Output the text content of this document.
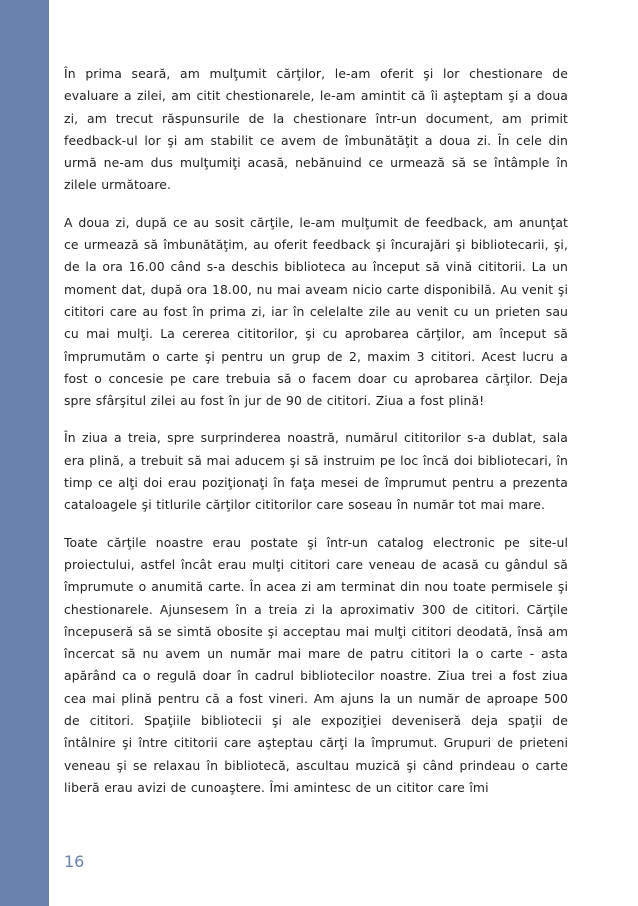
În prima seară, am mulţumit cărţilor, le-am oferit şi lor chestionare de evaluare a zilei, am citit chestionarele, le-am amintit că îi aşteptam şi a doua zi, am trecut răspunsurile de la chestionare într-un document, am primit feedback-ul lor şi am stabilit ce avem de îmbunătăţit a doua zi. În cele din urmă ne-am dus mulţumiţi acasă, nebănuind ce urmează să se întâmple în zilele următoare.

A doua zi, după ce au sosit cărţile, le-am mulţumit de feedback, am anunţat ce urmează să îmbunătăţim, au oferit feedback şi încurajări şi bibliotecarii, şi, de la ora 16.00 când s-a deschis biblioteca au început să vină cititorii. La un moment dat, după ora 18.00, nu mai aveam nicio carte disponibilă. Au venit şi cititori care au fost în prima zi, iar în celelalte zile au venit cu un prieten sau cu mai mulţi. La cererea cititorilor, şi cu aprobarea cărţilor, am început să împrumutăm o carte şi pentru un grup de 2, maxim 3 cititori. Acest lucru a fost o concesie pe care trebuia să o facem doar cu aprobarea cărţilor. Deja spre sfârşitul zilei au fost în jur de 90 de cititori. Ziua a fost plină!

În ziua a treia, spre surprinderea noastră, numărul cititorilor s-a dublat, sala era plină, a trebuit să mai aducem şi să instruim pe loc încă doi bibliotecari, în timp ce alţi doi erau poziţionaţi în faţa mesei de împrumut pentru a prezenta cataloagele şi titlurile cărţilor cititorilor care soseau în număr tot mai mare.

Toate cărţile noastre erau postate şi într-un catalog electronic pe site-ul proiectului, astfel încât erau mulţi cititori care veneau de acasă cu gândul să împrumute o anumită carte. În acea zi am terminat din nou toate permisele şi chestionarele. Ajunsesem în a treia zi la aproximativ 300 de cititori. Cărţile începuseră să se simtă obosite şi acceptau mai mulţi cititori deodată, însă am încercat să nu avem un număr mai mare de patru cititori la o carte - asta apărând ca o regulă doar în cadrul bibliotecilor noastre. Ziua trei a fost ziua cea mai plină pentru că a fost vineri. Am ajuns la un număr de aproape 500 de cititori. Spaţiile bibliotecii şi ale expoziţiei deveniseră deja spaţii de întâlnire şi între cititorii care aşteptau cărţi la împrumut. Grupuri de prieteni veneau şi se relaxau în bibliotecă, ascultau muzică şi când prindeau o carte liberă erau avizi de cunoaştere. Îmi amintesc de un cititor care îmi

16
